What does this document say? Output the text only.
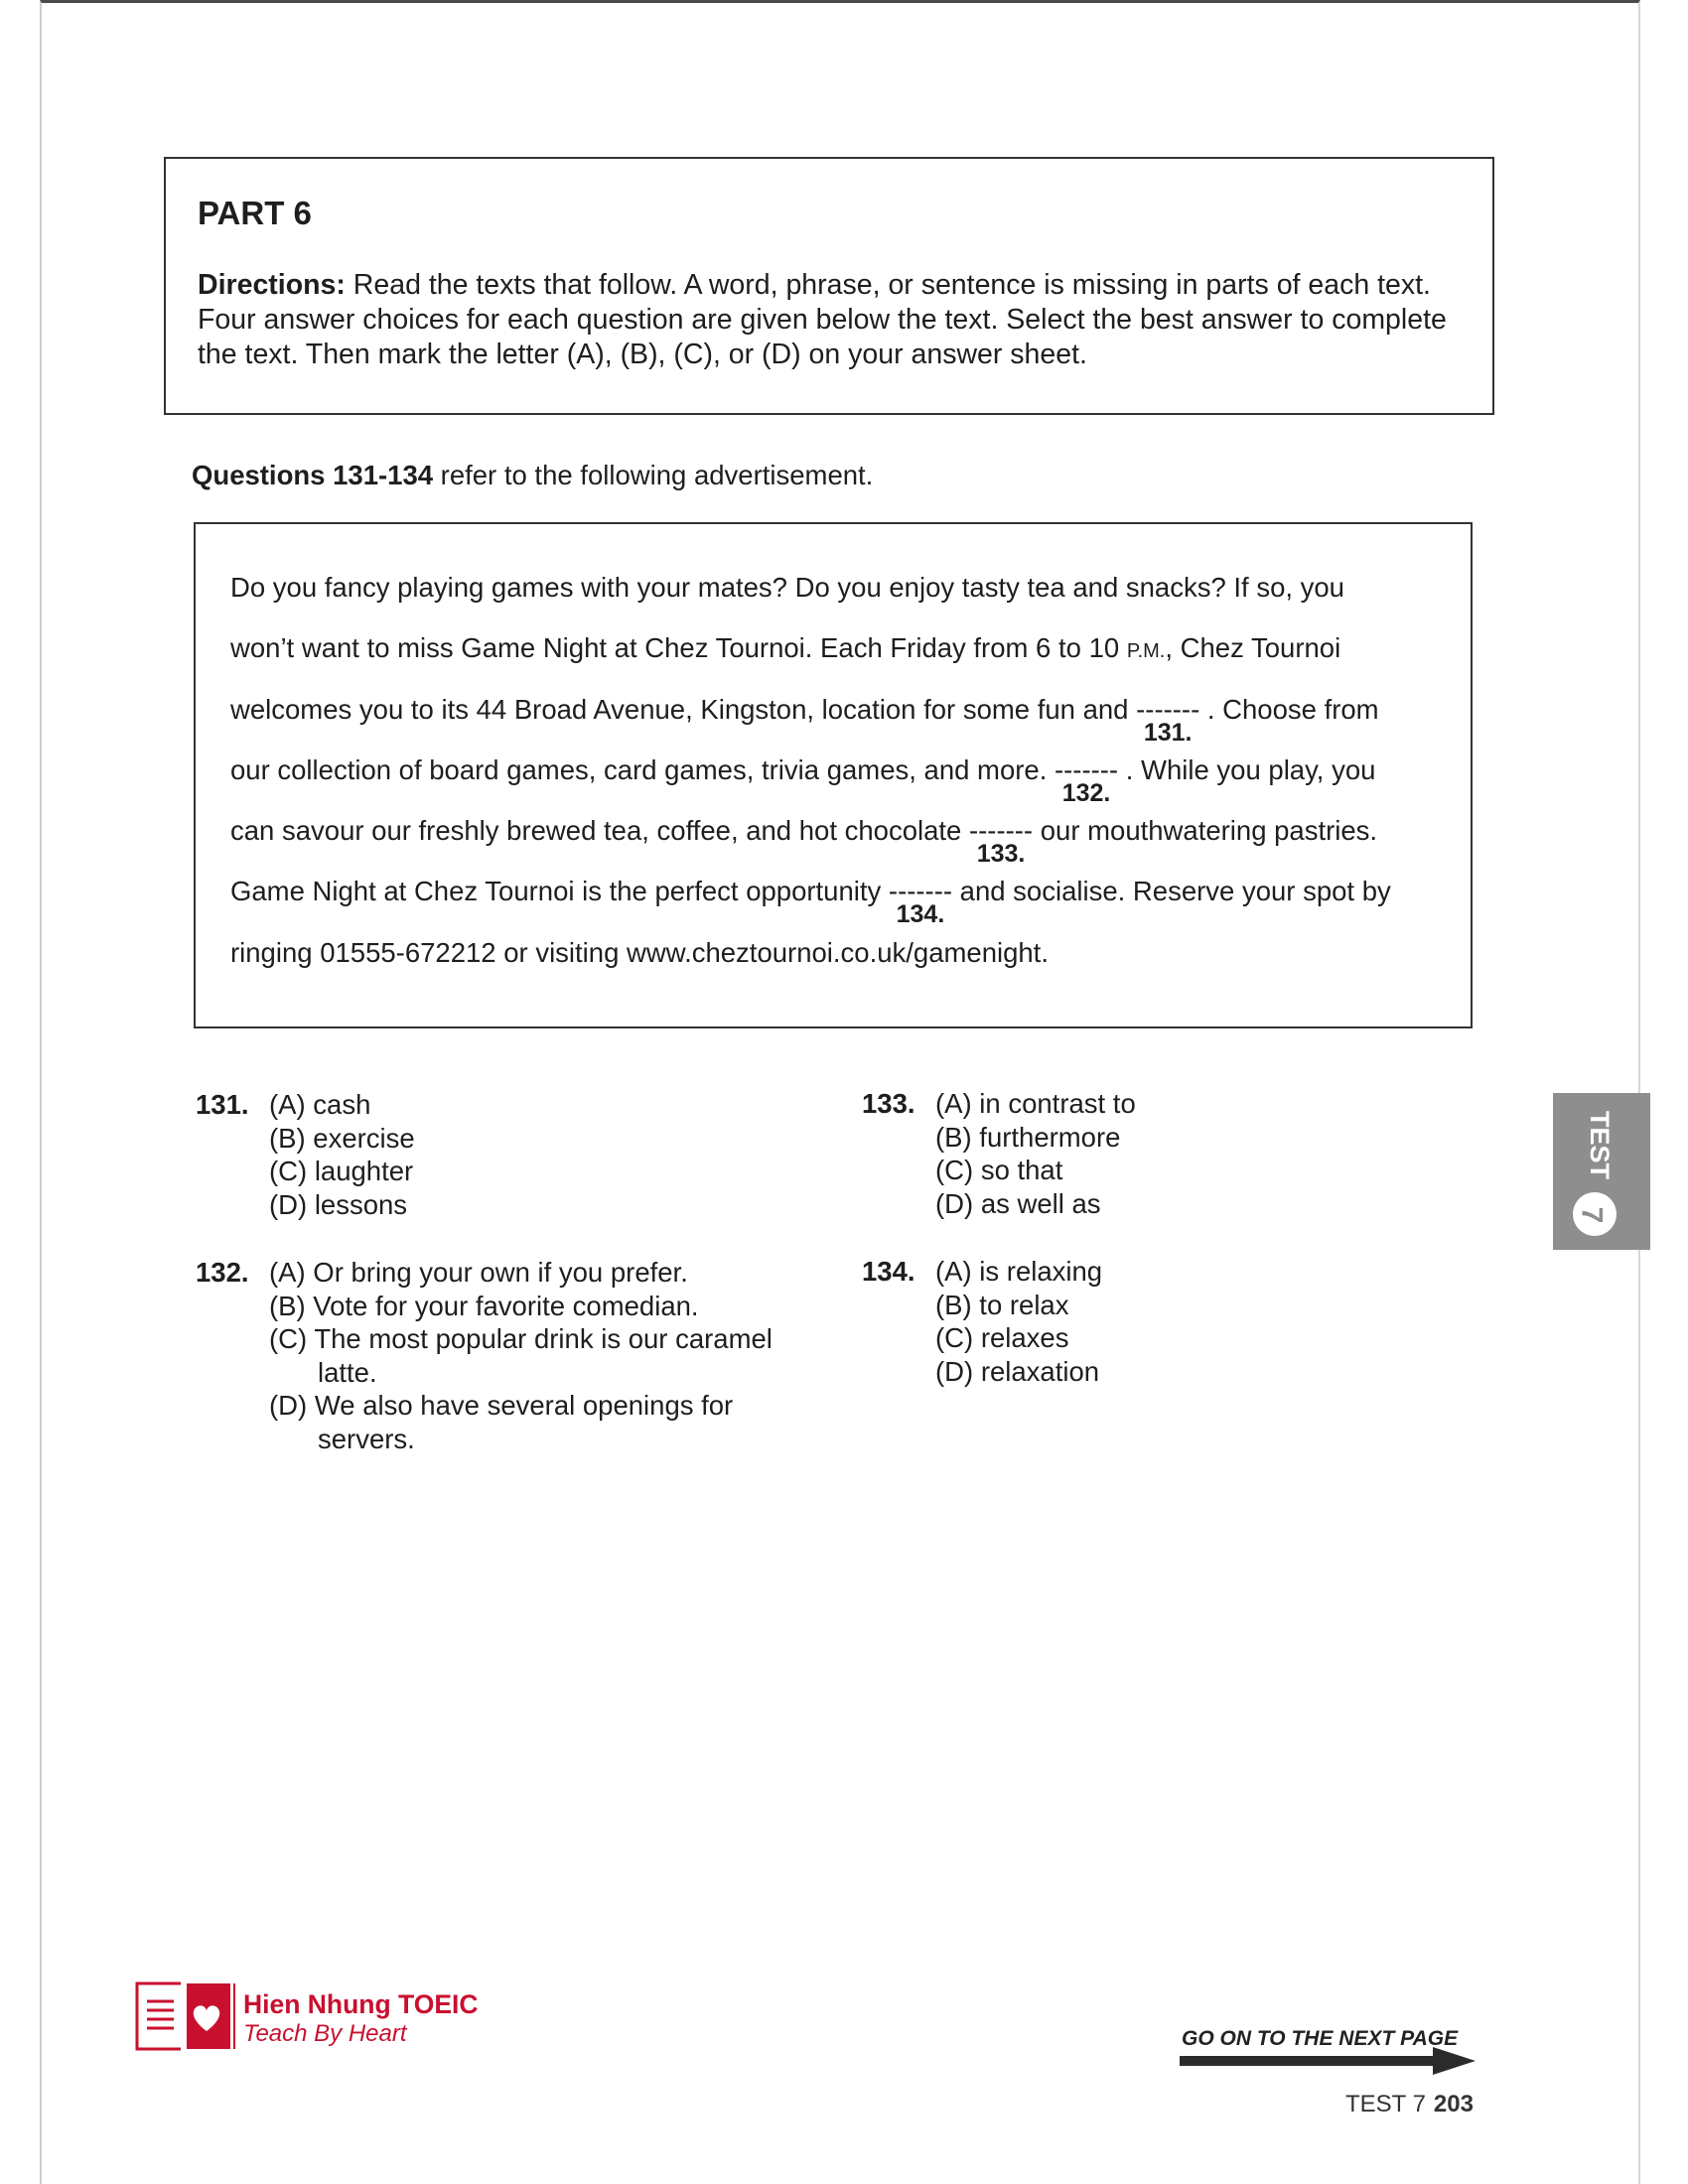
PART 6

Directions: Read the texts that follow. A word, phrase, or sentence is missing in parts of each text. Four answer choices for each question are given below the text. Select the best answer to complete the text. Then mark the letter (A), (B), (C), or (D) on your answer sheet.

Questions 131-134 refer to the following advertisement.
Do you fancy playing games with your mates? Do you enjoy tasty tea and snacks? If so, you
won’t want to miss Game Night at Chez Tournoi. Each Friday from 6 to 10 P.M., Chez Tournoi
welcomes you to its 44 Broad Avenue, Kingston, location for some fun and -------
131.
. Choose from
our collection of board games, card games, trivia games, and more. -------
132.
. While you play, you
can savour our freshly brewed tea, coffee, and hot chocolate -------
133.
our mouthwatering pastries.
Game Night at Chez Tournoi is the perfect opportunity -------
134.
and socialise. Reserve your spot by
ringing 01555-672212 or visiting www.cheztournoi.co.uk/gamenight.
131. (A) cash
(B) exercise
(C) laughter
(D) lessons
132. (A) Or bring your own if you prefer.
(B) Vote for your favorite comedian.
(C) The most popular drink is our caramel latte.
(D) We also have several openings for servers.
133. (A) in contrast to
(B) furthermore
(C) so that
(D) as well as
134. (A) is relaxing
(B) to relax
(C) relaxes
(D) relaxation
TEST
7
Hien Nhung TOEIC
Teach By Heart	GO ON TO THE NEXT PAGE
TEST 7 203
